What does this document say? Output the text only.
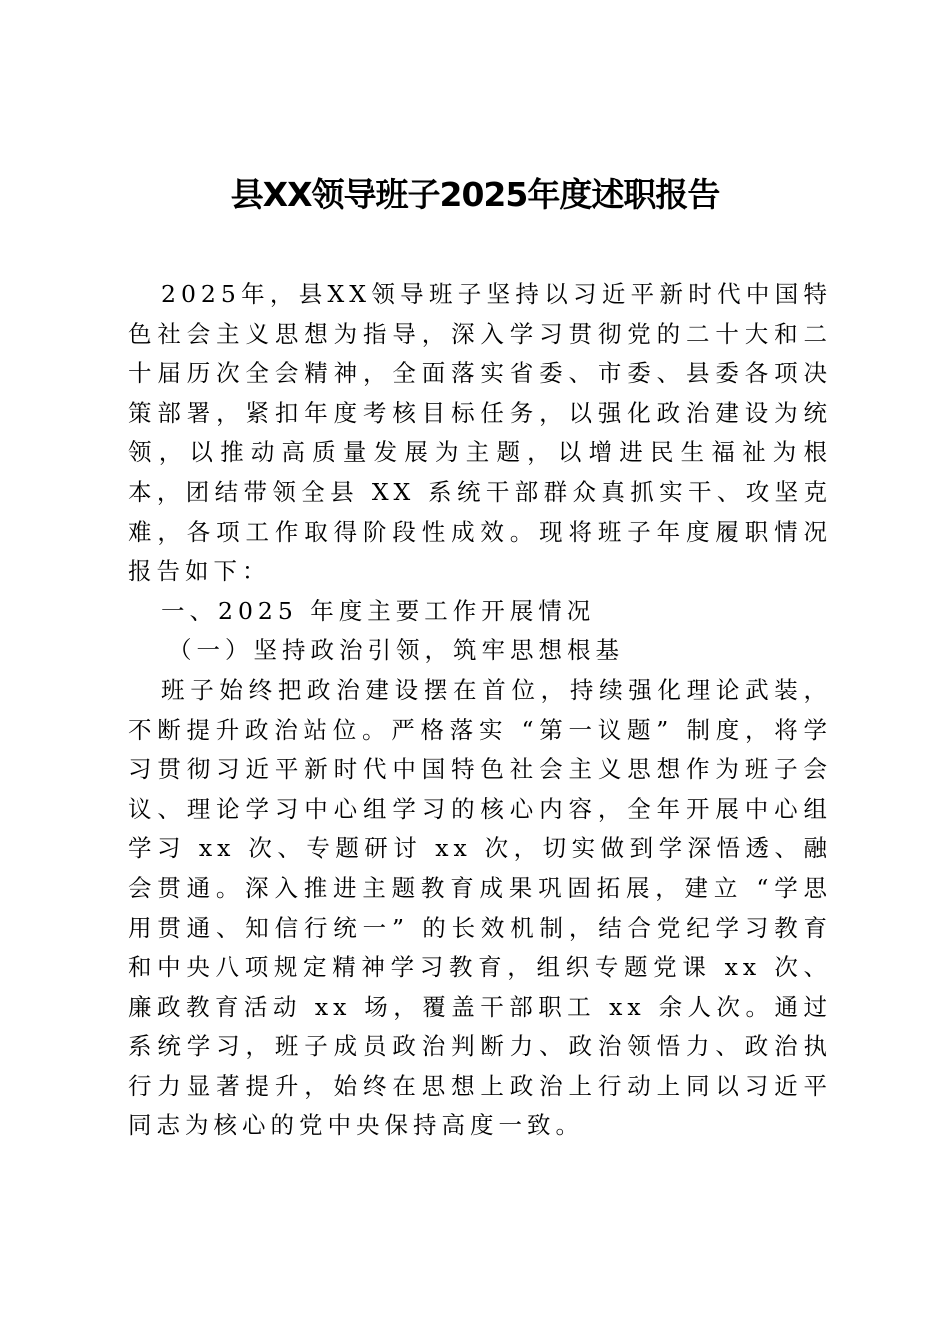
县XX领导班子2025年度述职报告

2025年，县XX领导班子坚持以习近平新时代中国特色社会主义思想为指导，深入学习贯彻党的二十大和二十届历次全会精神，全面落实省委、市委、县委各项决策部署，紧扣年度考核目标任务，以强化政治建设为统领，以推动高质量发展为主题，以增进民生福祉为根本，团结带领全县 XX 系统干部群众真抓实干、攻坚克难，各项工作取得阶段性成效。现将班子年度履职情况报告如下：

一、2025 年度主要工作开展情况

（一）坚持政治引领，筑牢思想根基

班子始终把政治建设摆在首位，持续强化理论武装，不断提升政治站位。严格落实 “第一议题” 制度，将学习贯彻习近平新时代中国特色社会主义思想作为班子会议、理论学习中心组学习的核心内容，全年开展中心组学习 xx 次、专题研讨 xx 次，切实做到学深悟透、融会贯通。深入推进主题教育成果巩固拓展，建立 “学思用贯通、知信行统一” 的长效机制，结合党纪学习教育和中央八项规定精神学习教育，组织专题党课 xx 次、廉政教育活动 xx 场，覆盖干部职工 xx 余人次。通过系统学习，班子成员政治判断力、政治领悟力、政治执行力显著提升，始终在思想上政治上行动上同以习近平同志为核心的党中央保持高度一致。
